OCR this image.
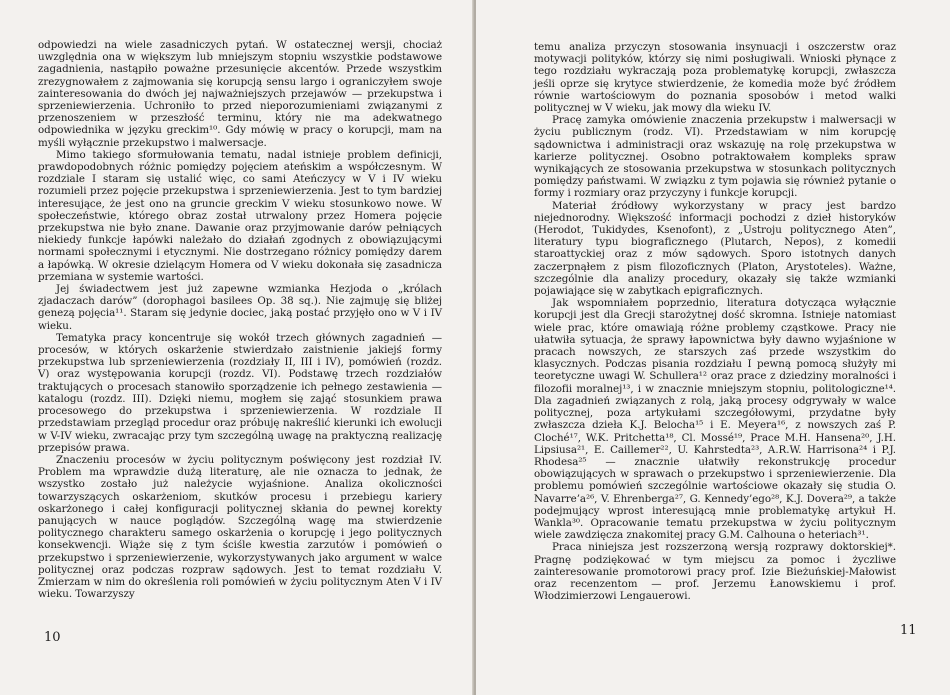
odpowiedzi na wiele zasadniczych pytań. W ostatecznej wersji, chociaż uwzględnia ona w większym lub mniejszym stopniu wszystkie podstawowe zagadnienia, nastąpiło poważne przesunięcie akcentów. Przede wszystkim zrezygnowałem z zajmowania się korupcją sensu largo i ograniczyłem swoje zainteresowania do dwóch jej najważniejszych przejawów — przekupstwa i sprzeniewierzenia. Uchroniło to przed nieporozumieniami związanymi z przenoszeniem w przeszłość terminu, który nie ma adekwatnego odpowiednika w języku greckim¹⁰. Gdy mówię w pracy o korupcji, mam na myśli wyłącznie przekupstwo i malwersacje.

Mimo takiego sformułowania tematu, nadal istnieje problem definicji, prawdopodobnych różnic pomiędzy pojęciem ateńskim a współczesnym. W rozdziale I staram się ustalić więc, co sami Ateńczycy w V i IV wieku rozumieli przez pojęcie przekupstwa i sprzeniewierzenia. Jest to tym bardziej interesujące, że jest ono na gruncie greckim V wieku stosunkowo nowe. W społeczeństwie, którego obraz został utrwalony przez Homera pojęcie przekupstwa nie było znane. Dawanie oraz przyjmowanie darów pełniących niekiedy funkcje łapówki należało do działań zgodnych z obowiązującymi normami społecznymi i etycznymi. Nie dostrzegano różnicy pomiędzy darem a łapówką. W okresie dzielącym Homera od V wieku dokonała się zasadnicza przemiana w systemie wartości.

Jej świadectwem jest już zapewne wzmianka Hezjoda o „królach zjadaczach darów” (dorophagoi basilees Op. 38 sq.). Nie zajmuję się bliżej genezą pojęcia¹¹. Staram się jedynie dociec, jaką postać przyjęło ono w V i IV wieku.

Tematyka pracy koncentruje się wokół trzech głównych zagadnień — procesów, w których oskarżenie stwierdzało zaistnienie jakiejś formy przekupstwa lub sprzeniewierzenia (rozdziały II, III i IV), pomówień (rozdz. V) oraz występowania korupcji (rozdz. VI). Podstawę trzech rozdziałów traktujących o procesach stanowiło sporządzenie ich pełnego zestawienia — katalogu (rozdz. III). Dzięki niemu, mogłem się zająć stosunkiem prawa procesowego do przekupstwa i sprzeniewierzenia. W rozdziale II przedstawiam przegląd procedur oraz próbuję nakreślić kierunki ich ewolucji w V-IV wieku, zwracając przy tym szczególną uwagę na praktyczną realizację przepisów prawa.

Znaczeniu procesów w życiu politycznym poświęcony jest rozdział IV. Problem ma wprawdzie dużą literaturę, ale nie oznacza to jednak, że wszystko zostało już należycie wyjaśnione. Analiza okoliczności towarzyszących oskarżeniom, skutków procesu i przebiegu kariery oskarżonego i całej konfiguracji politycznej skłania do pewnej korekty panujących w nauce poglądów. Szczególną wagę ma stwierdzenie politycznego charakteru samego oskarżenia o korupcję i jego politycznych konsekwencji. Wiąże się z tym ściśle kwestia zarzutów i pomówień o przekupstwo i sprzeniewierzenie, wykorzystywanych jako argument w walce politycznej oraz podczas rozpraw sądowych. Jest to temat rozdziału V. Zmierzam w nim do określenia roli pomówień w życiu politycznym Aten V i IV wieku. Towarzyszy

10

temu analiza przyczyn stosowania insynuacji i oszczerstw oraz motywacji polityków, którzy się nimi posługiwali. Wnioski płynące z tego rozdziału wykraczają poza problematykę korupcji, zwłaszcza jeśli oprze się krytyce stwierdzenie, że komedia może być źródłem równie wartościowym do poznania sposobów i metod walki politycznej w V wieku, jak mowy dla wieku IV.

Pracę zamyka omówienie znaczenia przekupstw i malwersacji w życiu publicznym (rodz. VI). Przedstawiam w nim korupcję sądownictwa i administracji oraz wskazuję na rolę przekupstwa w karierze politycznej. Osobno potraktowałem kompleks spraw wynikających ze stosowania przekupstwa w stosunkach politycznych pomiędzy państwami. W związku z tym pojawia się również pytanie o formy i rozmiary oraz przyczyny i funkcje korupcji.

Materiał źródłowy wykorzystany w pracy jest bardzo niejednorodny. Większość informacji pochodzi z dzieł historyków (Herodot, Tukidydes, Ksenofont), z „Ustroju politycznego Aten”, literatury typu biograficznego (Plutarch, Nepos), z komedii staroattyckiej oraz z mów sądowych. Sporo istotnych danych zaczerpnąłem z pism filozoficznych (Platon, Arystoteles). Ważne, szczególnie dla analizy procedury, okazały się także wzmianki pojawiające się w zabytkach epigraficznych.

Jak wspomniałem poprzednio, literatura dotycząca wyłącznie korupcji jest dla Grecji starożytnej dość skromna. Istnieje natomiast wiele prac, które omawiają różne problemy cząstkowe. Pracy nie ułatwiła sytuacja, że sprawy łapownictwa były dawno wyjaśnione w pracach nowszych, ze starszych zaś przede wszystkim do klasycznych. Podczas pisania rozdziału I pewną pomocą służyły mi teoretyczne uwagi W. Schullera¹² oraz prace z dziedziny moralności i filozofii moralnej¹³, i w znacznie mniejszym stopniu, politologiczne¹⁴. Dla zagadnień związanych z rolą, jaką procesy odgrywały w walce politycznej, poza artykułami szczegółowymi, przydatne były zwłaszcza dzieła K.J. Belocha¹⁵ i E. Meyera¹⁶, z nowszych zaś P. Cloché¹⁷, W.K. Pritchetta¹⁸, Cl. Mossé¹⁹, Prace M.H. Hansena²⁰, J.H. Lipsiusa²¹, E. Caillemer²², U. Kahrstedta²³, A.R.W. Harrisona²⁴ i P.J. Rhodesa²⁵ — znacznie ułatwiły rekonstrukcję procedur obowiązujących w sprawach o przekupstwo i sprzeniewierzenie. Dla problemu pomówień szczególnie wartościowe okazały się studia O. Navarre’a²⁶, V. Ehrenberga²⁷, G. Kennedy’ego²⁸, K.J. Dovera²⁹, a także podejmujący wprost interesującą mnie problematykę artykuł H. Wankla³⁰. Opracowanie tematu przekupstwa w życiu politycznym wiele zawdzięcza znakomitej pracy G.M. Calhouna o heteriach³¹.

Praca niniejsza jest rozszerzoną wersją rozprawy doktorskiej*. Pragnę podziękować w tym miejscu za pomoc i życzliwe zainteresowanie promotorowi pracy prof. Izie Bieżuńskiej-Małowist oraz recenzentom — prof. Jerzemu Łanowskiemu i prof. Włodzimierzowi Lengauerowi.

11
